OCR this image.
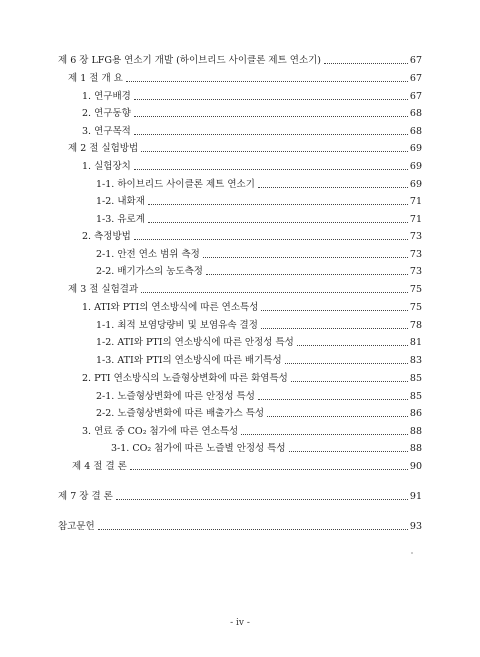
제 6 장 LFG용 연소기 개발 (하이브리드 사이클론 제트 연소기)	67
제 1 절 개 요	67
1. 연구배경	67
2. 연구동향	68
3. 연구목적	68
제 2 절 실험방법	69
1. 실험장치	69
1-1. 하이브리드 사이클론 제트 연소기	69
1-2. 내화재	71
1-3. 유로계	71
2. 측정방법	73
2-1. 안전 연소 범위 측정	73
2-2. 배기가스의 농도측정	73
제 3 절 실험결과	75
1. ATI와 PTI의 연소방식에 따른 연소특성	75
1-1. 최적 보염당량비 및 보염유속 결정	78
1-2. ATI와 PTI의 연소방식에 따른 안정성 특성	81
1-3. ATI와 PTI의 연소방식에 따른 배기특성	83
2. PTI 연소방식의 노즐형상변화에 따른 화염특성	85
2-1. 노즐형상변화에 따른 안정성 특성	85
2-2. 노즐형상변화에 따른 배출가스 특성	86
3. 연료 중 CO₂ 첨가에 따른 연소특성	88
3-1. CO₂ 첨가에 따른 노즐별 안정성 특성	88
제 4 절 결 론	90
제 7 장 결 론	91
참고문헌	93
- iv -
